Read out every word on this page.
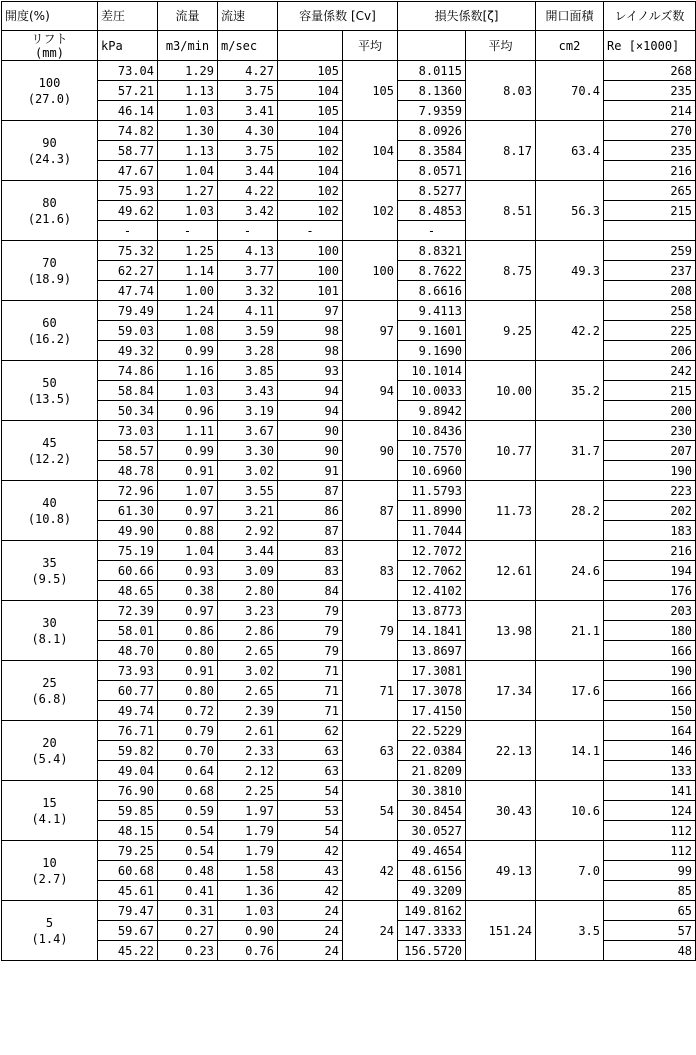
開度(%)	差圧	流量	流速	容量係数 [Cv]		損失係数[ζ]		開口面積	レイノルズ数

リフト
(mm)	kPa	m3/min	m/sec		平均		平均	cm2	Re [×1000]

100
(27.0)	73.04	1.29	4.27	105	105	8.0115	8.03	70.4	268
	57.21	1.13	3.75	104		8.1360			235
	46.14	1.03	3.41	105		7.9359			214

90
(24.3)	74.82	1.30	4.30	104	104	8.0926	8.17	63.4	270
	58.77	1.13	3.75	102		8.3584			235
	47.67	1.04	3.44	104		8.0571			216

80
(21.6)	75.93	1.27	4.22	102	102	8.5277	8.51	56.3	265
	49.62	1.03	3.42	102		8.4853			215
	-	-	-	-		-			

70
(18.9)	75.32	1.25	4.13	100	100	8.8321	8.75	49.3	259
	62.27	1.14	3.77	100		8.7622			237
	47.74	1.00	3.32	101		8.6616			208

60
(16.2)	79.49	1.24	4.11	97	97	9.4113	9.25	42.2	258
	59.03	1.08	3.59	98		9.1601			225
	49.32	0.99	3.28	98		9.1690			206

50
(13.5)	74.86	1.16	3.85	93	94	10.1014	10.00	35.2	242
	58.84	1.03	3.43	94		10.0033			215
	50.34	0.96	3.19	94		9.8942			200

45
(12.2)	73.03	1.11	3.67	90	90	10.8436	10.77	31.7	230
	58.57	0.99	3.30	90		10.7570			207
	48.78	0.91	3.02	91		10.6960			190

40
(10.8)	72.96	1.07	3.55	87	87	11.5793	11.73	28.2	223
	61.30	0.97	3.21	86		11.8990			202
	49.90	0.88	2.92	87		11.7044			183

35
(9.5)	75.19	1.04	3.44	83	83	12.7072	12.61	24.6	216
	60.66	0.93	3.09	83		12.7062			194
	48.65	0.38	2.80	84		12.4102			176

30
(8.1)	72.39	0.97	3.23	79	79	13.8773	13.98	21.1	203
	58.01	0.86	2.86	79		14.1841			180
	48.70	0.80	2.65	79		13.8697			166

25
(6.8)	73.93	0.91	3.02	71	71	17.3081	17.34	17.6	190
	60.77	0.80	2.65	71		17.3078			166
	49.74	0.72	2.39	71		17.4150			150

20
(5.4)	76.71	0.79	2.61	62	63	22.5229	22.13	14.1	164
	59.82	0.70	2.33	63		22.0384			146
	49.04	0.64	2.12	63		21.8209			133

15
(4.1)	76.90	0.68	2.25	54	54	30.3810	30.43	10.6	141
	59.85	0.59	1.97	53		30.8454			124
	48.15	0.54	1.79	54		30.0527			112

10
(2.7)	79.25	0.54	1.79	42	42	49.4654	49.13	7.0	112
	60.68	0.48	1.58	43		48.6156			99
	45.61	0.41	1.36	42		49.3209			85

5
(1.4)	79.47	0.31	1.03	24	24	149.8162	151.24	3.5	65
	59.67	0.27	0.90	24		147.3333			57
	45.22	0.23	0.76	24		156.5720			48
